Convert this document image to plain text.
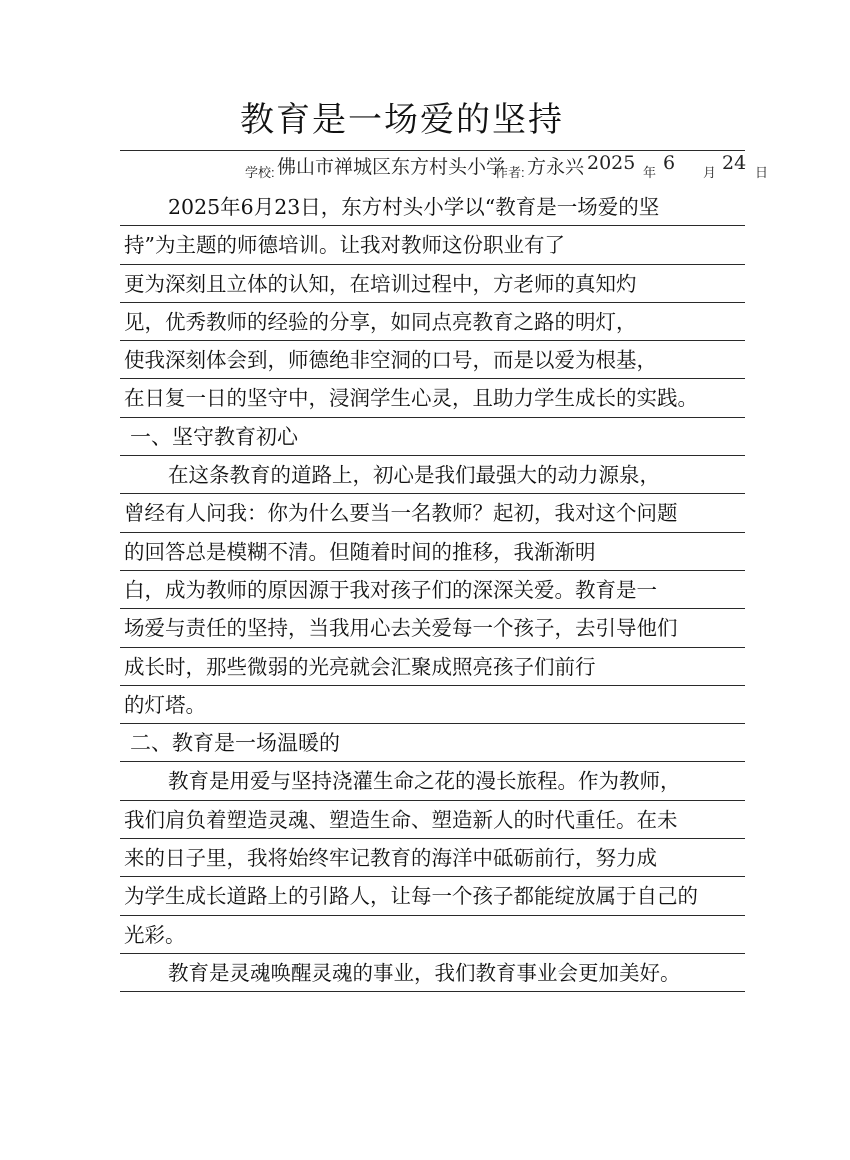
教育是一场爱的坚持
学校: 佛山市禅城区东方村头小学
作者: 方永兴 2025 年 6 月 24 日
2025年6月23日，东方村头小学以“教育是一场爱的坚
持”为主题的师德培训。让我对教师这份职业有了
更为深刻且立体的认知，在培训过程中，方老师的真知灼
见，优秀教师的经验的分享，如同点亮教育之路的明灯，
使我深刻体会到，师德绝非空洞的口号，而是以爱为根基，
在日复一日的坚守中，浸润学生心灵，且助力学生成长的实践。
一、坚守教育初心
在这条教育的道路上，初心是我们最强大的动力源泉，
曾经有人问我：你为什么要当一名教师？起初，我对这个问题
的回答总是模糊不清。但随着时间的推移，我渐渐明
白，成为教师的原因源于我对孩子们的深深关爱。教育是一
场爱与责任的坚持，当我用心去关爱每一个孩子，去引导他们
成长时，那些微弱的光亮就会汇聚成照亮孩子们前行
的灯塔。
二、教育是一场温暖的
教育是用爱与坚持浇灌生命之花的漫长旅程。作为教师，
我们肩负着塑造灵魂、塑造生命、塑造新人的时代重任。在未
来的日子里，我将始终牢记教育的海洋中砥砺前行，努力成
为学生成长道路上的引路人，让每一个孩子都能绽放属于自己的
光彩。
教育是灵魂唤醒灵魂的事业，我们教育事业会更加美好。
